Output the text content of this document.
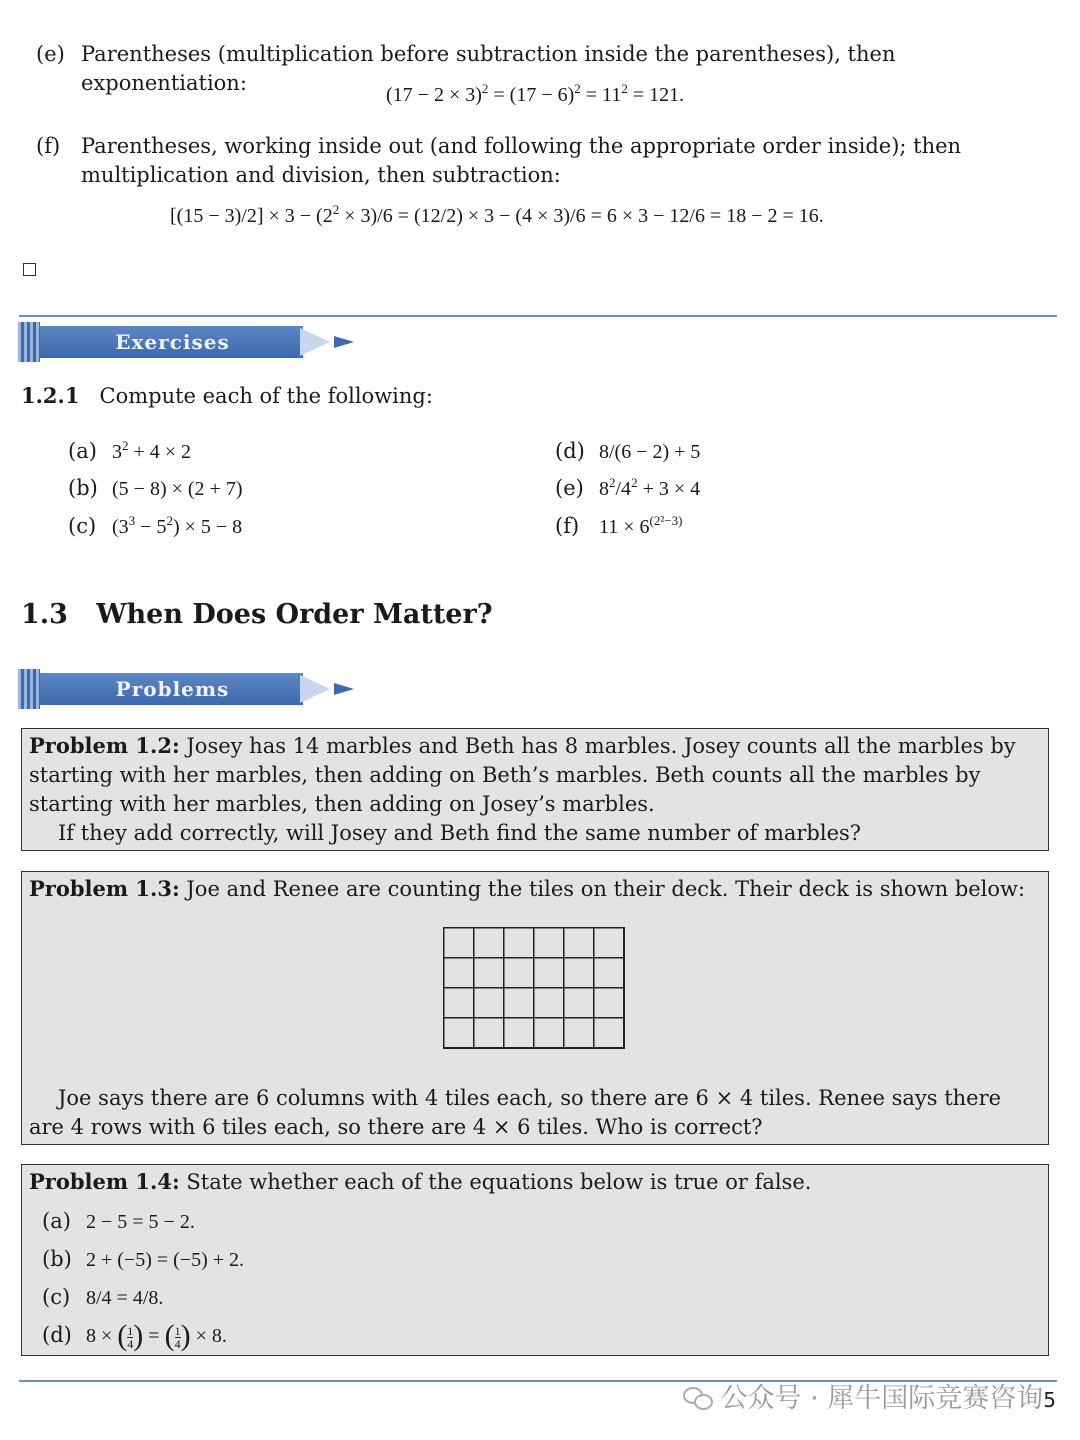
(e) Parentheses (multiplication before subtraction inside the parentheses), then exponentiation:	$(17 - 2 \times 3)^2 = (17 - 6)^2 = 11^2 = 121$.
(f) Parentheses, working inside out (and following the appropriate order inside); then multiplication and division, then subtraction:
$[(15 - 3)/2] \times 3 - (2^2 \times 3)/6 = (12/2) \times 3 - (4 \times 3)/6 = 6 \times 3 - 12/6 = 18 - 2 = 16$.
Exercises
1.2.1 Compute each of the following:
(a) $3^2 + 4 \times 2$
(b) (5 − 8) × (2 + 7)
(c) $(3^3 - 5^2) \times 5 - 8$
(d) 8/(6 − 2) + 5
(e) $8^2/4^2 + 3 \times 4$
(f) $11 \times 6^{(2^2-3)}$
1.3 When Does Order Matter?
Problems
Problem 1.2: Josey has 14 marbles and Beth has 8 marbles. Josey counts all the marbles by starting with her marbles, then adding on Beth’s marbles. Beth counts all the marbles by starting with her marbles, then adding on Josey’s marbles.
If they add correctly, will Josey and Beth find the same number of marbles?
Problem 1.3: Joe and Renee are counting the tiles on their deck. Their deck is shown below:
Joe says there are 6 columns with 4 tiles each, so there are 6 × 4 tiles. Renee says there are 4 rows with 6 tiles each, so there are 4 × 6 tiles. Who is correct?
Problem 1.4: State whether each of the equations below is true or false.
(a) 2 − 5 = 5 − 2.
(b) 2 + (−5) = (−5) + 2.
(c) 8/4 = 4/8.
(d) 8 × ( $\frac{1}{4}$ ) = ( $\frac{1}{4}$ ) × 8.
公众号 · 犀牛国际竞赛咨询5
